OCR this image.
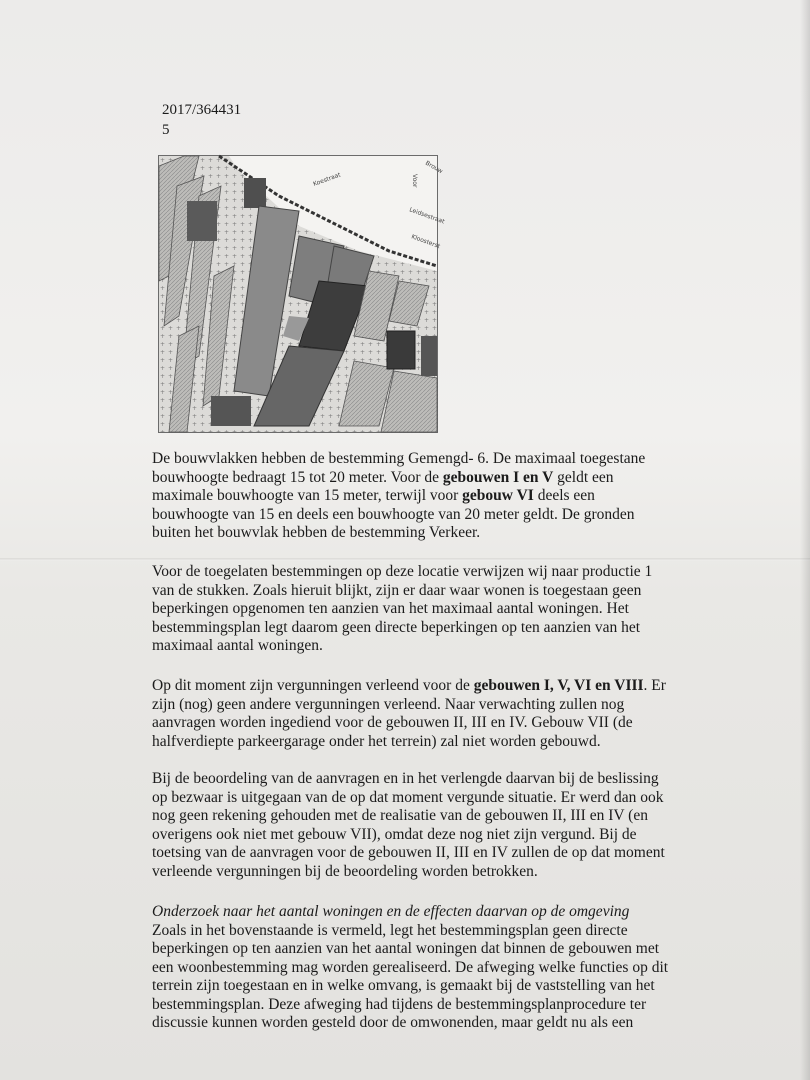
2017/364431
5
Koestraat	Voor
Brouw
Leidsestraat
Kloosterst
De bouwvlakken hebben de bestemming Gemengd- 6. De maximaal toegestane
bouwhoogte bedraagt 15 tot 20 meter. Voor de gebouwen I en V geldt een
maximale bouwhoogte van 15 meter, terwijl voor gebouw VI deels een
bouwhoogte van 15 en deels een bouwhoogte van 20 meter geldt. De gronden
buiten het bouwvlak hebben de bestemming Verkeer.
Voor de toegelaten bestemmingen op deze locatie verwijzen wij naar productie 1
van de stukken. Zoals hieruit blijkt, zijn er daar waar wonen is toegestaan geen
beperkingen opgenomen ten aanzien van het maximaal aantal woningen. Het
bestemmingsplan legt daarom geen directe beperkingen op ten aanzien van het
maximaal aantal woningen.
Op dit moment zijn vergunningen verleend voor de gebouwen I, V, VI en VIII. Er
zijn (nog) geen andere vergunningen verleend. Naar verwachting zullen nog
aanvragen worden ingediend voor de gebouwen II, III en IV. Gebouw VII (de
halfverdiepte parkeergarage onder het terrein) zal niet worden gebouwd.
Bij de beoordeling van de aanvragen en in het verlengde daarvan bij de beslissing
op bezwaar is uitgegaan van de op dat moment vergunde situatie. Er werd dan ook
nog geen rekening gehouden met de realisatie van de gebouwen II, III en IV (en
overigens ook niet met gebouw VII), omdat deze nog niet zijn vergund. Bij de
toetsing van de aanvragen voor de gebouwen II, III en IV zullen de op dat moment
verleende vergunningen bij de beoordeling worden betrokken.
Onderzoek naar het aantal woningen en de effecten daarvan op de omgeving
Zoals in het bovenstaande is vermeld, legt het bestemmingsplan geen directe
beperkingen op ten aanzien van het aantal woningen dat binnen de gebouwen met
een woonbestemming mag worden gerealiseerd. De afweging welke functies op dit
terrein zijn toegestaan en in welke omvang, is gemaakt bij de vaststelling van het
bestemmingsplan. Deze afweging had tijdens de bestemmingsplanprocedure ter
discussie kunnen worden gesteld door de omwonenden, maar geldt nu als een
